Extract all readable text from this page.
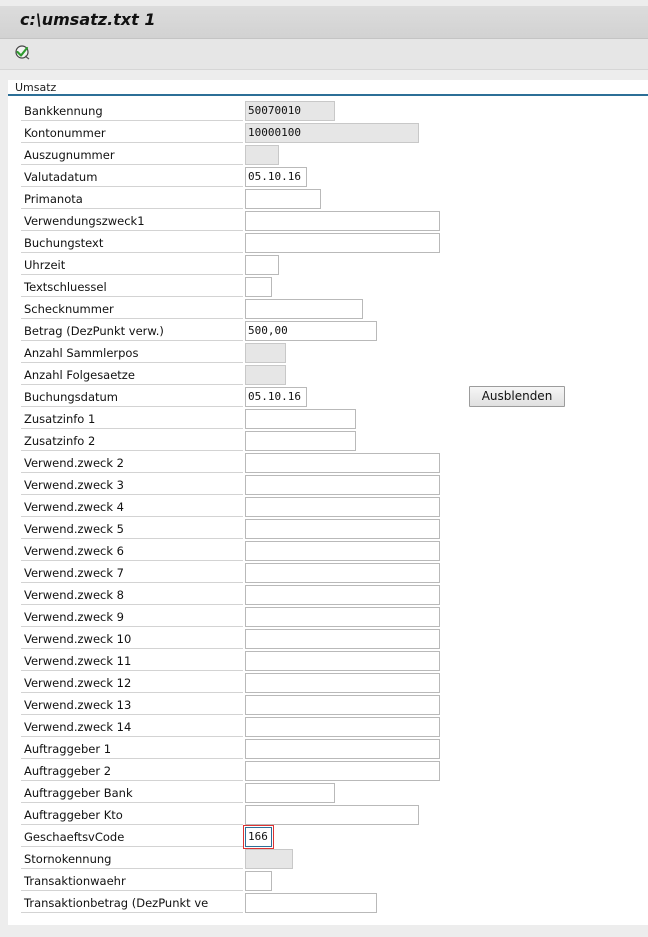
c:\umsatz.txt 1
Umsatz
Bankkennung	50070010
Kontonummer	10000100
Auszugnummer
Valutadatum	05.10.16
Primanota
Verwendungszweck1
Buchungstext
Uhrzeit
Textschluessel
Schecknummer
Betrag (DezPunkt verw.)	500,00
Anzahl Sammlerpos
Anzahl Folgesaetze
Buchungsdatum	05.10.16
Zusatzinfo 1
Zusatzinfo 2
Verwend.zweck 2
Verwend.zweck 3
Verwend.zweck 4
Verwend.zweck 5
Verwend.zweck 6
Verwend.zweck 7
Verwend.zweck 8
Verwend.zweck 9
Verwend.zweck 10
Verwend.zweck 11
Verwend.zweck 12
Verwend.zweck 13
Verwend.zweck 14
Auftraggeber 1
Auftraggeber 2
Auftraggeber Bank
Auftraggeber Kto
GeschaeftsvCode	166
Stornokennung
Transaktionwaehr
Transaktionbetrag (DezPunkt ve
Ausblenden
